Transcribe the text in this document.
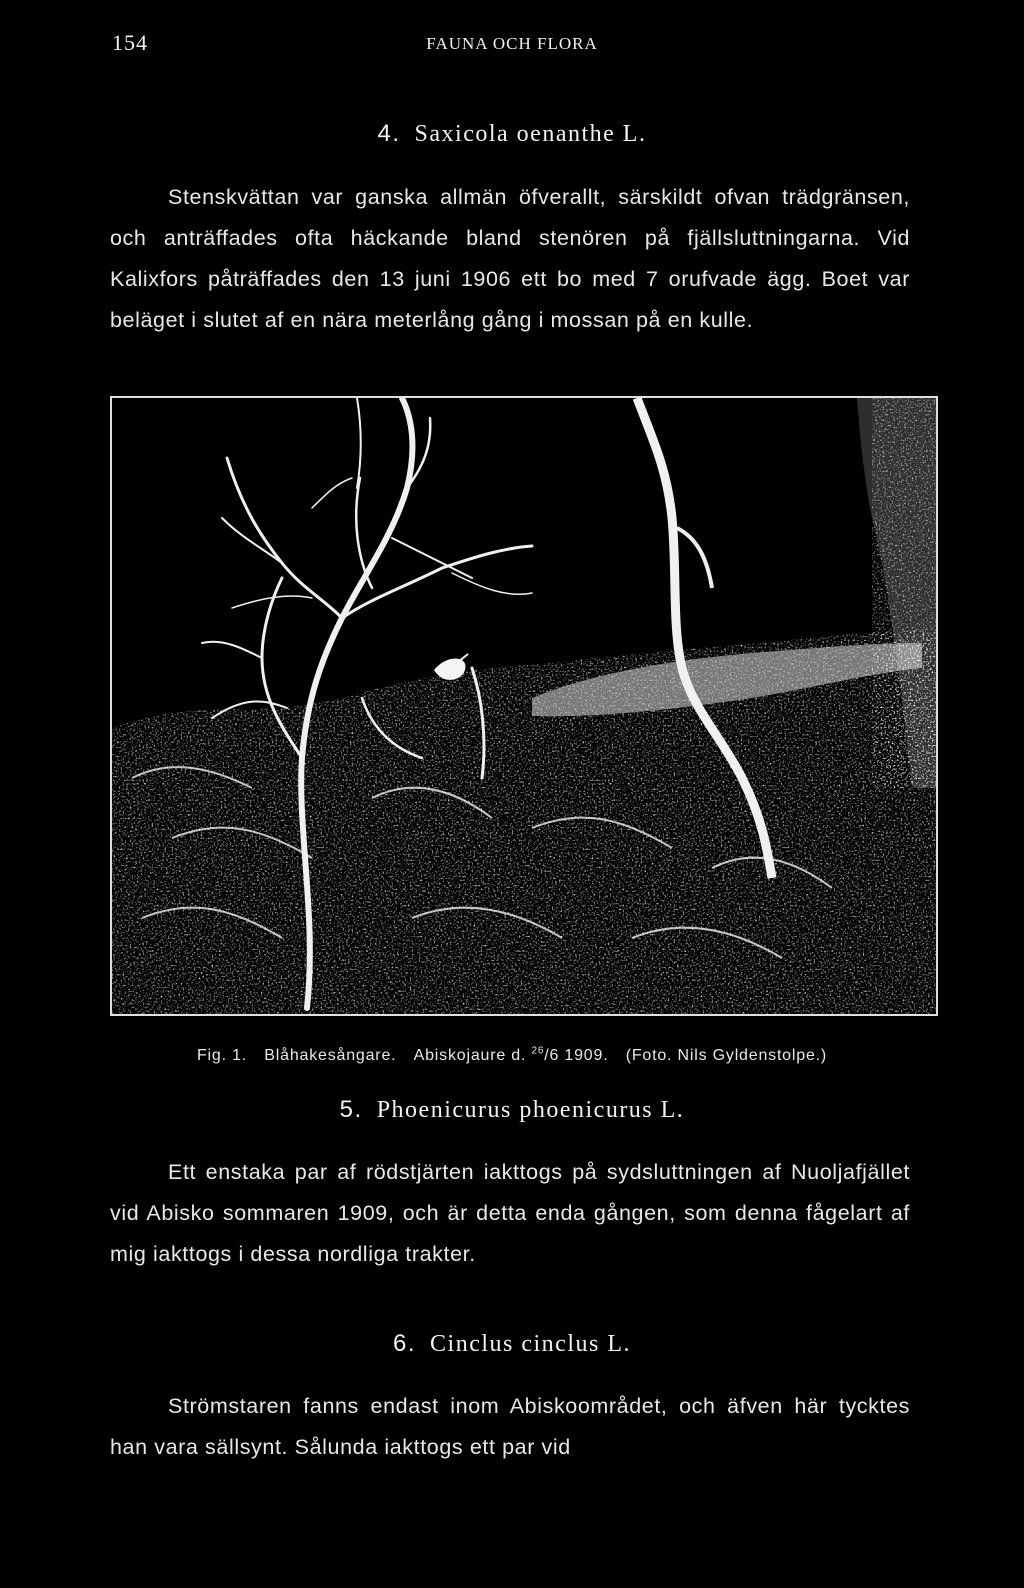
154	FAUNA OCH FLORA
4. Saxicola oenanthe L.

Stenskvättan var ganska allmän öfverallt, särskildt ofvan trädgränsen, och anträffades ofta häckande bland stenören på fjällsluttningarna. Vid Kalixfors påträffades den 13 juni 1906 ett bo med 7 orufvade ägg. Boet var beläget i slutet af en nära meterlång gång i mossan på en kulle.

Fig. 1. Blåhakesångare. Abiskojaure d. $^{26}$/6 1909. (Foto. Nils Gyldenstolpe.)
5. Phoenicurus phoenicurus L.

Ett enstaka par af rödstjärten iakttogs på sydsluttningen af Nuoljafjället vid Abisko sommaren 1909, och är detta enda gången, som denna fågelart af mig iakttogs i dessa nordliga trakter.

6. Cinclus cinclus L.

Strömstaren fanns endast inom Abiskoområdet, och äfven här tycktes han vara sällsynt. Sålunda iakttogs ett par vid
